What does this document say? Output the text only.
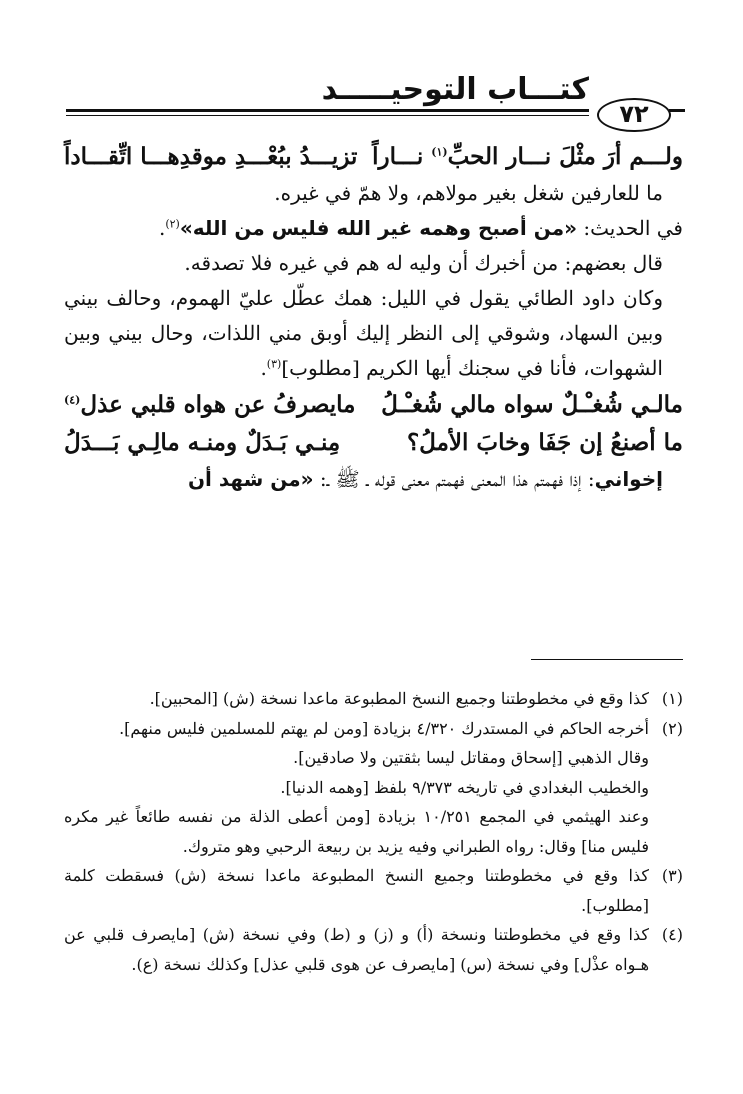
كتـــاب التوحيـــــد
٧٢
ولـــم أرَ مثْلَ نـــار الحبِّ$^{(١)}$ نـــاراً
تزيـــدُ ببُعْـــدِ موقدِهـــا اتِّقـــاداً

ما للعارفين شغل بغير مولاهم، ولا همّ في غيره.

في الحديث: «من أصبح وهمه غير الله فليس من الله»$^{(٢)}$.

قال بعضهم: من أخبرك أن وليه له هم في غيره فلا تصدقه.

وكان داود الطائي يقول في الليل: همك عطّل عليّ الهموم، وحالف بيني وبين السهاد، وشوقي إلى النظر إليك أوبق مني اللذات، وحال بيني وبين الشهوات، فأنا في سجنك أيها الكريم [مطلوب]$^{(٣)}$.

مالـي شُغـْـلٌ سواه مالي شُغـْـلُ
مايصرفُ عن هواه قلبي عذل$^{(٤)}$
ما أصنعُ إن جَفَا وخابَ الأملُ؟
مِنـي بَـدَلٌ ومنـه مالِـي بَـــدَلُ

إخواني: إذا فهمتم هذا المعنى فهمتم معنى قوله ـ ﷺ ـ: «من شهد أن

(١)

كذا وقع في مخطوطتنا وجميع النسخ المطبوعة ماعدا نسخة (ش) [المحبين].

(٢)

أخرجه الحاكم في المستدرك ٤/٣٢٠ بزيادة [ومن لم يهتم للمسلمين فليس منهم].

وقال الذهبي [إسحاق ومقاتل ليسا بثقتين ولا صادقين].

والخطيب البغدادي في تاريخه ٩/٣٧٣ بلفظ [وهمه الدنيا].

وعند الهيثمي في المجمع ١٠/٢٥١ بزيادة [ومن أعطى الذلة من نفسه طائعاً غير مكره فليس منا] وقال: رواه الطبراني وفيه يزيد بن ربيعة الرحبي وهو متروك.

(٣)

كذا وقع في مخطوطتنا وجميع النسخ المطبوعة ماعدا نسخة (ش) فسقطت كلمة [مطلوب].

(٤)

كذا وقع في مخطوطتنا ونسخة (أ) و (ز) و (ط) وفي نسخة (ش) [مايصرف قلبي عن هـواه عذْل] وفي نسخة (س) [مايصرف عن هوى قلبي عذل] وكذلك نسخة (ع).
